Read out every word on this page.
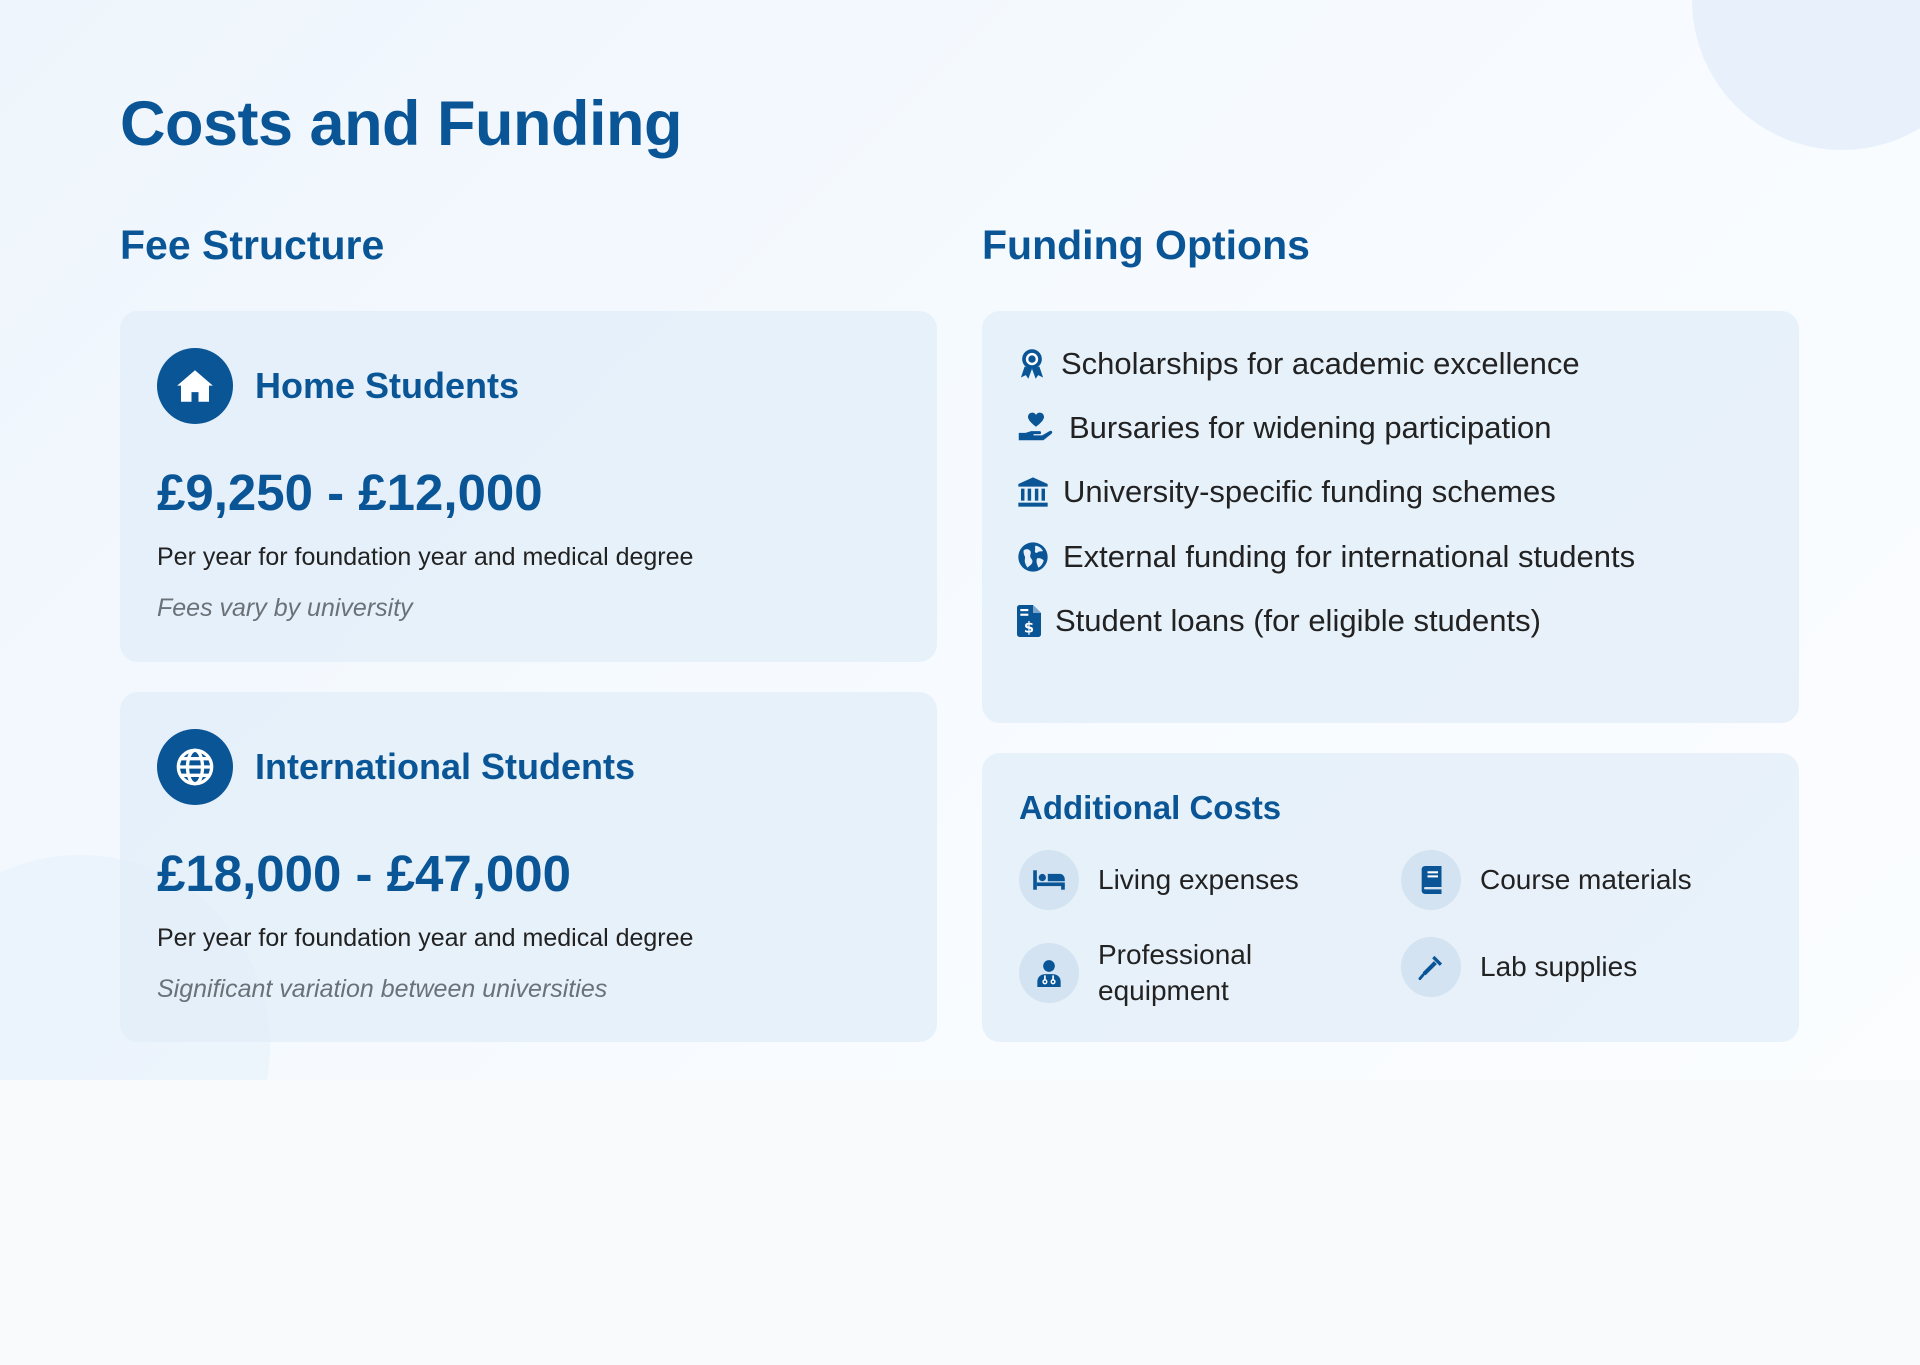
Costs and Funding
Fee Structure	Funding Options
Home Students
£9,250 - £12,000
Per year for foundation year and medical degree
Fees vary by university
International Students
£18,000 - £47,000
Per year for foundation year and medical degree
Significant variation between universities
Scholarships for academic excellence
Bursaries for widening participation
University-specific funding schemes
External funding for international students
$ Student loans (for eligible students)
Additional Costs
Living expenses	Course materials
Professional equipment
Lab supplies
